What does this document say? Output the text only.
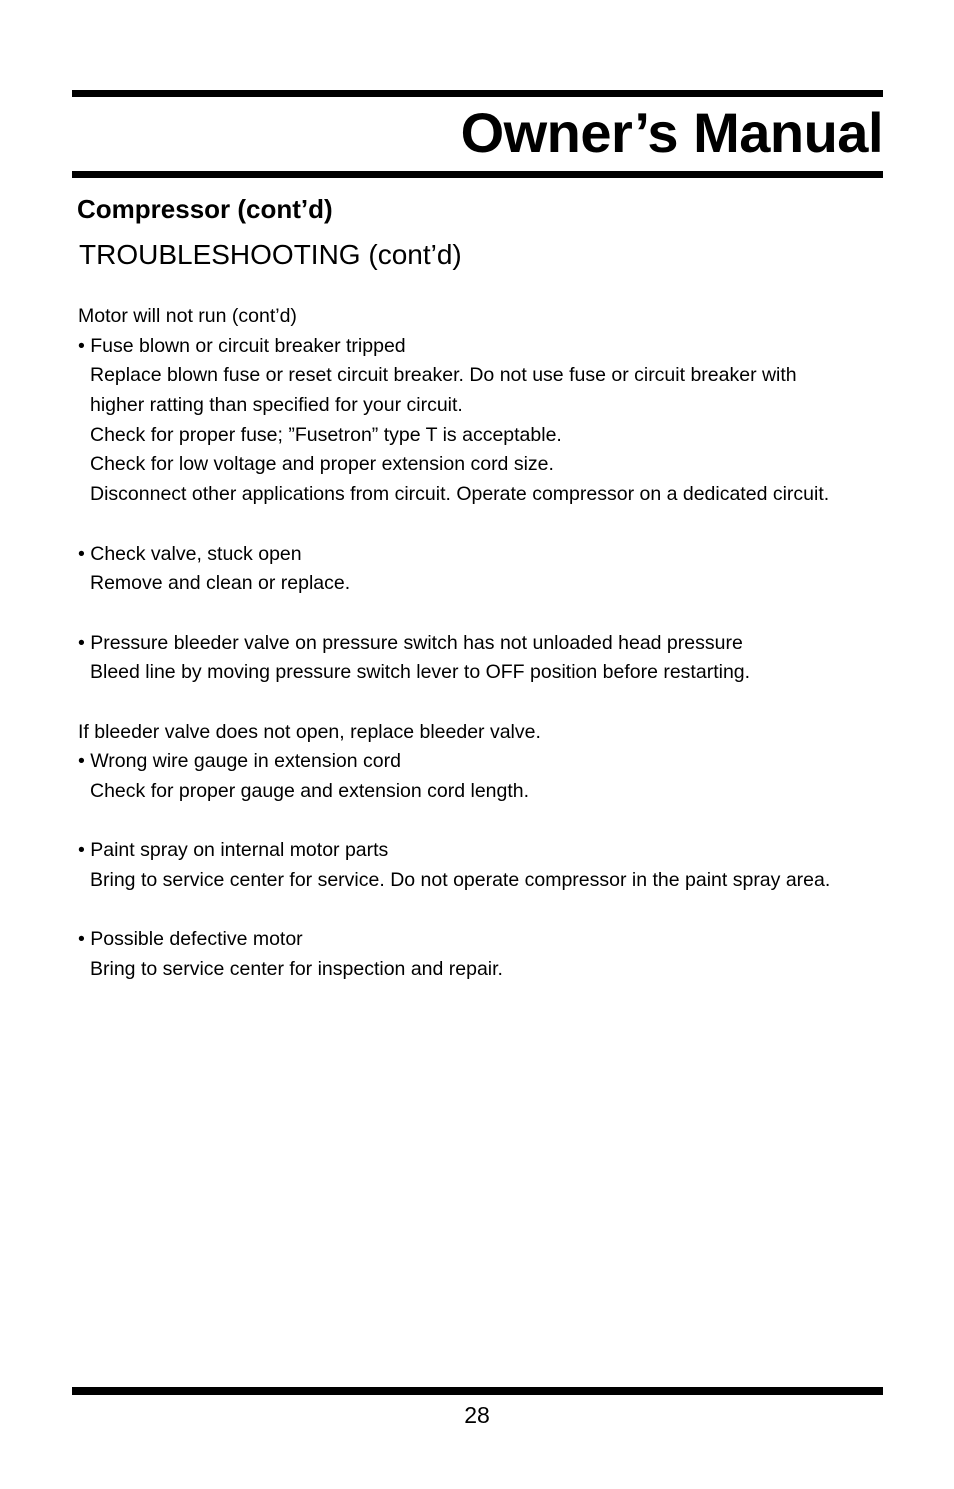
Owner’s Manual
Compressor (cont’d)
TROUBLESHOOTING (cont’d)
Motor will not run (cont’d)
• Fuse blown or circuit breaker tripped
Replace blown fuse or reset circuit breaker. Do not use fuse or circuit breaker with
higher ratting than specified for your circuit.
Check for proper fuse; ”Fusetron” type T is acceptable.
Check for low voltage and proper extension cord size.
Disconnect other applications from circuit. Operate compressor on a dedicated circuit.
• Check valve, stuck open
Remove and clean or replace.
• Pressure bleeder valve on pressure switch has not unloaded head pressure
Bleed line by moving pressure switch lever to OFF position before restarting.
If bleeder valve does not open, replace bleeder valve.
• Wrong wire gauge in extension cord
Check for proper gauge and extension cord length.
• Paint spray on internal motor parts
Bring to service center for service. Do not operate compressor in the paint spray area.
• Possible defective motor
Bring to service center for inspection and repair.
28
